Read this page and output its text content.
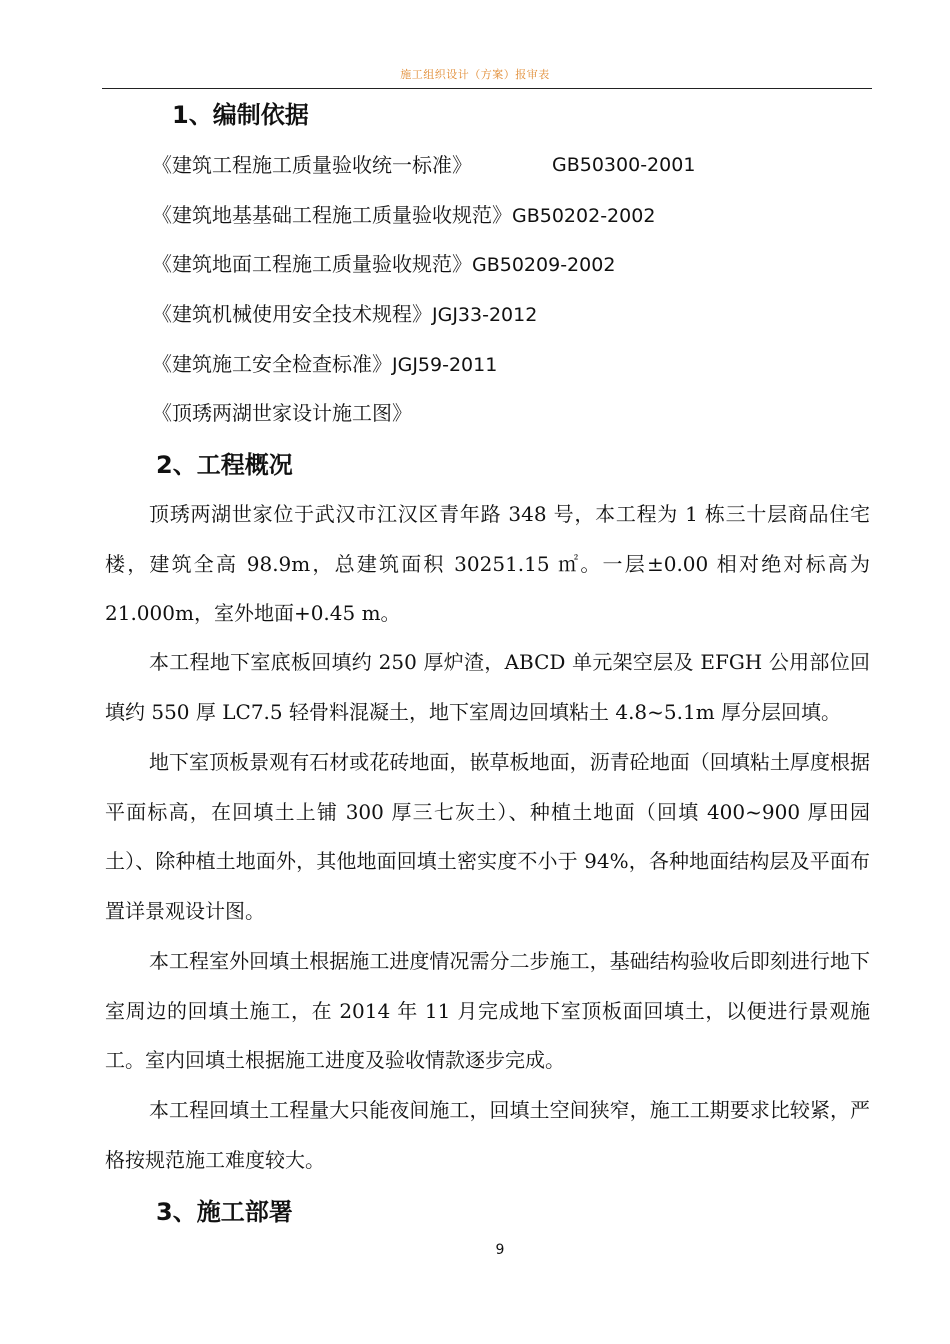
施工组织设计（方案）报审表
1、编制依据
《建筑工程施工质量验收统一标准》	GB50300-2001
《建筑地基基础工程施工质量验收规范》GB50202-2002
《建筑地面工程施工质量验收规范》GB50209-2002
《建筑机械使用安全技术规程》JGJ33-2012
《建筑施工安全检查标准》JGJ59-2011
《顶琇两湖世家设计施工图》
2、工程概况
顶琇两湖世家位于武汉市江汉区青年路 348 号，本工程为 1 栋三十层商品住宅楼，建筑全高 98.9m，总建筑面积 30251.15 ㎡。一层±0.00 相对绝对标高为 21.000m，室外地面+0.45 m。
本工程地下室底板回填约 250 厚炉渣，ABCD 单元架空层及 EFGH 公用部位回填约 550 厚 LC7.5 轻骨料混凝土，地下室周边回填粘土 4.8~5.1m 厚分层回填。
地下室顶板景观有石材或花砖地面，嵌草板地面，沥青砼地面（回填粘土厚度根据平面标高，在回填土上铺 300 厚三七灰土）、种植土地面（回填 400~900 厚田园土）、除种植土地面外，其他地面回填土密实度不小于 94%，各种地面结构层及平面布置详景观设计图。
本工程室外回填土根据施工进度情况需分二步施工，基础结构验收后即刻进行地下室周边的回填土施工，在 2014 年 11 月完成地下室顶板面回填土，以便进行景观施工。室内回填土根据施工进度及验收情款逐步完成。
本工程回填土工程量大只能夜间施工，回填土空间狭窄，施工工期要求比较紧，严格按规范施工难度较大。
3、施工部署
9
